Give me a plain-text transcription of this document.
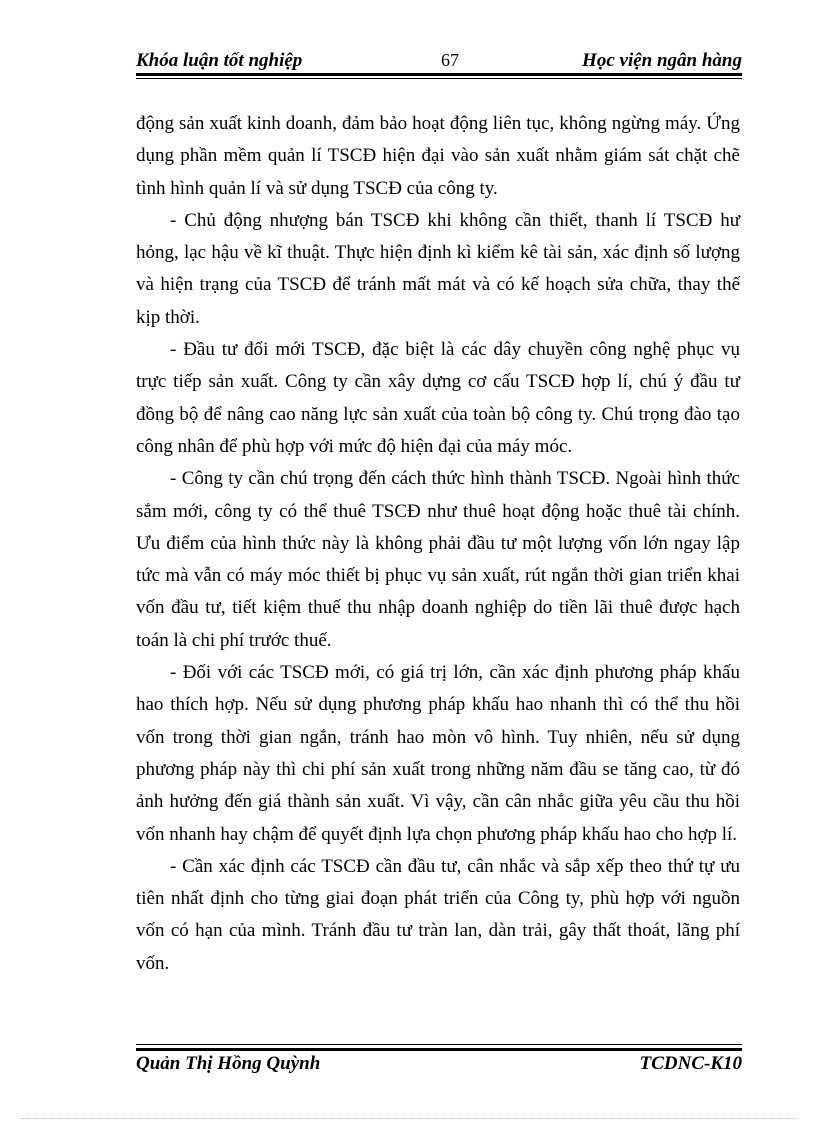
Khóa luận tốt nghiệp	67	Học viện ngân hàng

động sản xuất kinh doanh, đảm bảo hoạt động liên tục, không ngừng máy. Ứng dụng phần mềm quản lí TSCĐ hiện đại vào sản xuất nhằm giám sát chặt chẽ tình hình quản lí và sử dụng TSCĐ của công ty.

- Chủ động nhượng bán TSCĐ khi không cần thiết, thanh lí TSCĐ hư hỏng, lạc hậu về kĩ thuật. Thực hiện định kì kiểm kê tài sản, xác định số lượng và hiện trạng của TSCĐ để tránh mất mát và có kế hoạch sửa chữa, thay thế kịp thời.

- Đầu tư đổi mới TSCĐ, đặc biệt là các dây chuyền công nghệ phục vụ trực tiếp sản xuất. Công ty cần xây dựng cơ cấu TSCĐ hợp lí, chú ý đầu tư đồng bộ để nâng cao năng lực sản xuất của toàn bộ công ty. Chú trọng đào tạo công nhân để phù hợp với mức độ hiện đại của máy móc.

- Công ty cần chú trọng đến cách thức hình thành TSCĐ. Ngoài hình thức sắm mới, công ty có thể thuê TSCĐ như thuê hoạt động hoặc thuê tài chính. Ưu điểm của hình thức này là không phải đầu tư một lượng vốn lớn ngay lập tức mà vẫn có máy móc thiết bị phục vụ sản xuất, rút ngắn thời gian triển khai vốn đầu tư, tiết kiệm thuế thu nhập doanh nghiệp do tiền lãi thuê được hạch toán là chi phí trước thuế.

- Đối với các TSCĐ mới, có giá trị lớn, cần xác định phương pháp khấu hao thích hợp. Nếu sử dụng phương pháp khấu hao nhanh thì có thể thu hồi vốn trong thời gian ngắn, tránh hao mòn vô hình. Tuy nhiên, nếu sử dụng phương pháp này thì chi phí sản xuất trong những năm đầu se tăng cao, từ đó ảnh hưởng đến giá thành sản xuất. Vì vậy, cần cân nhắc giữa yêu cầu thu hồi vốn nhanh hay chậm để quyết định lựa chọn phương pháp khấu hao cho hợp lí.

- Cần xác định các TSCĐ cần đầu tư, cân nhắc và sắp xếp theo thứ tự ưu tiên nhất định cho từng giai đoạn phát triển của Công ty, phù hợp với nguồn vốn có hạn của mình. Tránh đầu tư tràn lan, dàn trải, gây thất thoát, lãng phí vốn.

Quản Thị Hồng Quỳnh	TCDNC-K10
